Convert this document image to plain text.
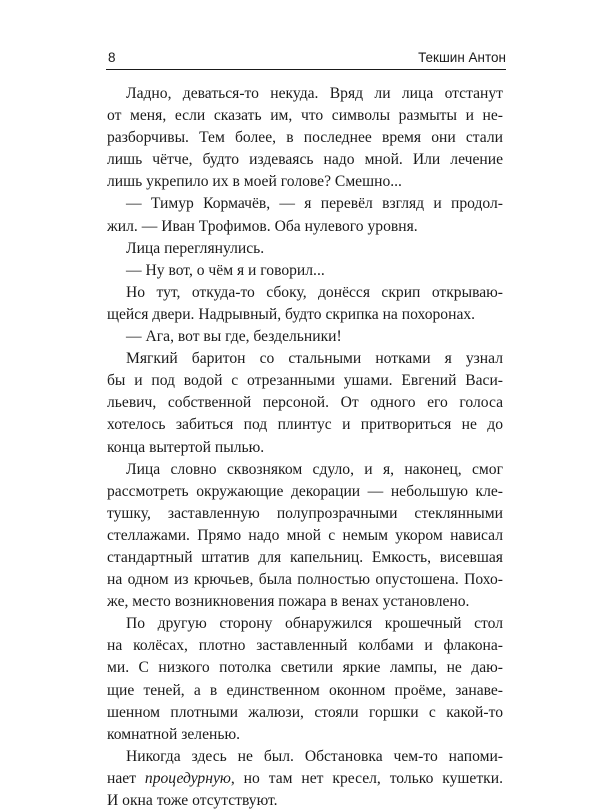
8	Текшин Антон
Ладно, деваться-то некуда. Вряд ли лица отстанут
от меня, если сказать им, что символы размыты и не-
разборчивы. Тем более, в последнее время они стали
лишь чётче, будто издеваясь надо мной. Или лечение
лишь укрепило их в моей голове? Смешно...
— Тимур Кормачёв, — я перевёл взгляд и продол-
жил. — Иван Трофимов. Оба нулевого уровня.
Лица переглянулись.
— Ну вот, о чём я и говорил...
Но тут, откуда-то сбоку, донёсся скрип открываю-
щейся двери. Надрывный, будто скрипка на похоронах.
— Ага, вот вы где, бездельники!
Мягкий баритон со стальными нотками я узнал
бы и под водой с отрезанными ушами. Евгений Васи-
льевич, собственной персоной. От одного его голоса
хотелось забиться под плинтус и притвориться не до
конца вытертой пылью.
Лица словно сквозняком сдуло, и я, наконец, смог
рассмотреть окружающие декорации — небольшую кле-
тушку, заставленную полупрозрачными стеклянными
стеллажами. Прямо надо мной с немым укором нависал
стандартный штатив для капельниц. Емкость, висевшая
на одном из крючьев, была полностью опустошена. Похо-
же, место возникновения пожара в венах установлено.
По другую сторону обнаружился крошечный стол
на колёсах, плотно заставленный колбами и флакона-
ми. С низкого потолка светили яркие лампы, не даю-
щие теней, а в единственном оконном проёме, занаве-
шенном плотными жалюзи, стояли горшки с какой-то
комнатной зеленью.
Никогда здесь не был. Обстановка чем-то напоми-
нает процедурную, но там нет кресел, только кушетки.
И окна тоже отсутствуют.
